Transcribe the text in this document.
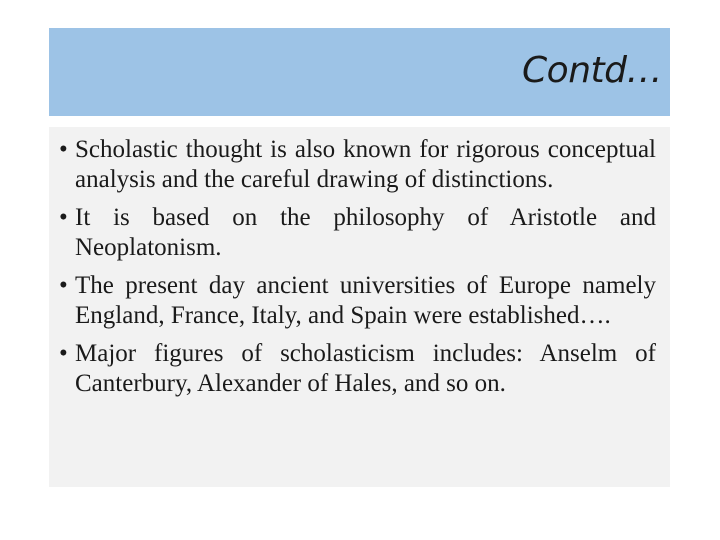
Contd…
• Scholastic thought is also known for rigorous conceptual analysis and the careful drawing of distinctions.
• It is based on the philosophy of Aristotle and Neoplatonism.
• The present day ancient universities of Europe namely England, France, Italy, and Spain were established….
• Major figures of scholasticism includes: Anselm of Canterbury, Alexander of Hales, and so on.
